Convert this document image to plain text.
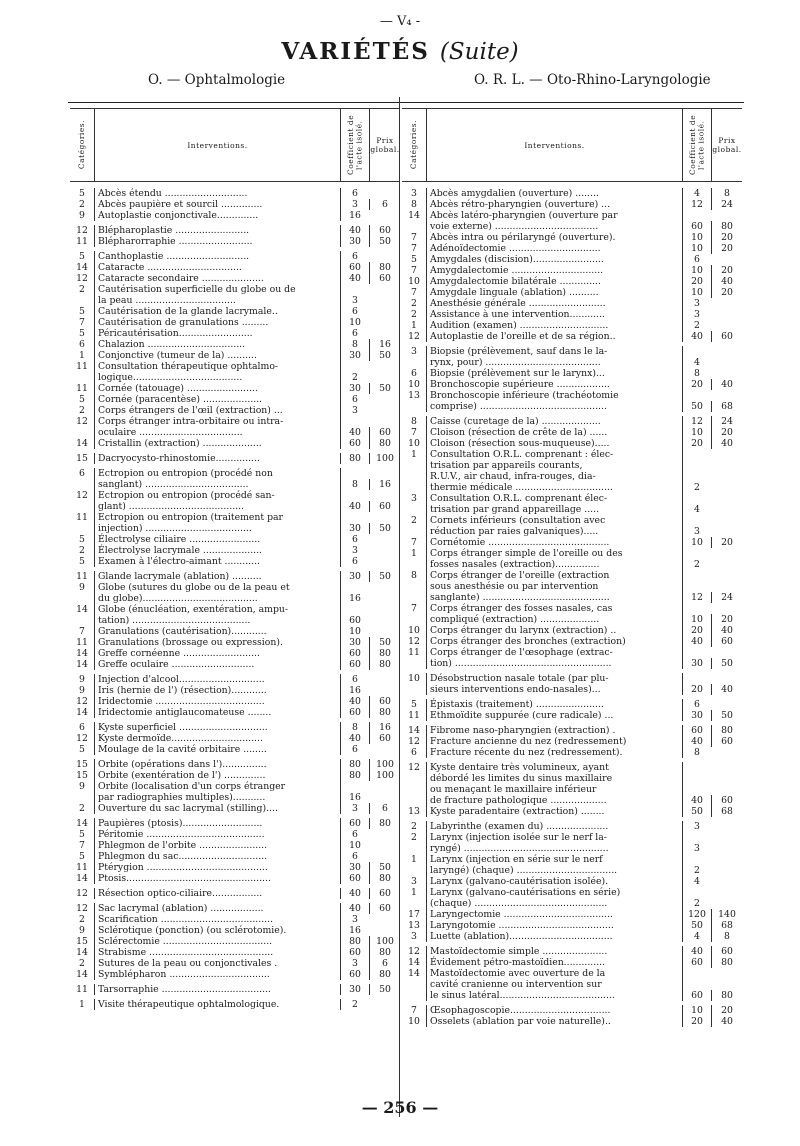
— V₄ -
VARIÉTÉS (Suite)
O. — Ophtalmologie	O. R. L. — Oto-Rhino-Laryngologie
Catégories.	Interventions.	Coefficient de l'acte isolé.	Prix global.
5	Abcès étendu ............................	6
2	Abcès paupière et sourcil ..............	3	6
9	Autoplastie conjonctivale..............	16
12	Blépharoplastie .........................	40	60
11	Blépharorraphie .........................	30	50
5	Canthoplastie ............................	6
14	Cataracte ................................	60	80
12	Cataracte secondaire .....................	40	60
2	Cautérisation superficielle du globe ou de
la peau ..................................	3
5	Cautérisation de la glande lacrymale..	6
7	Cautérisation de granulations .........	10
5	Péricautérisation.........................	6
6	Chalazion .................................	8	16
1	Conjonctive (tumeur de la) ..........	30	50
11	Consultation thérapeutique ophtalmo-
logique.....................................	2
11	Cornée (tatouage) ........................	30	50
5	Cornée (paracentèse) ....................	6
2	Corps étrangers de l'œil (extraction) ...	3
12	Corps étranger intra-orbitaire ou intra-
oculaire ...................................	40	60
14	Cristallin (extraction) ....................	60	80
15	Dacryocysto-rhinostomie...............	80	100
6	Ectropion ou entropion (procédé non
sanglant) ...................................	8	16
12	Ectropion ou entropion (procédé san-
glant) .......................................	40	60
11	Ectropion ou entropion (traitement par
injection) ....................................	30	50
5	Électrolyse ciliaire ........................	6
2	Électrolyse lacrymale ....................	3
5	Examen à l'électro-aimant ............	6
11	Glande lacrymale (ablation) ..........	30	50
9	Globe (sutures du globe ou de la peau et
du globe).......................................	16
14	Globe (énucléation, exentération, ampu-
tation) ........................................	60
7	Granulations (cautérisation)............	10
11	Granulations (brossage ou expression).	30	50
14	Greffe cornéenne ..........................	60	80
14	Greffe oculaire ............................	60	80
9	Injection d'alcool.............................	6
9	Iris (hernie de l') (résection)............	16
12	Iridectomie .....................................	40	60
14	Iridectomie antiglaucomateuse ........	60	80
6	Kyste superficiel ..............................	8	16
12	Kyste dermoïde...............................	40	60
5	Moulage de la cavité orbitaire ........	6
15	Orbite (opérations dans l')...............	80	100
15	Orbite (exentération de l') ..............	80	100
9	Orbite (localisation d'un corps étranger
par radiographies multiples)...........	16
2	Ouverture du sac lacrymal (stilling)....	3	6
14	Paupières (ptosis)...........................	60	80
5	Péritomie ........................................	6
7	Phlegmon de l'orbite .......................	10
5	Phlegmon du sac..............................	6
11	Ptérygion .........................................	30	50
14	Ptosis.................................................	60	80
12	Résection optico-ciliaire.................	40	60
12	Sac lacrymal (ablation) ..................	40	60
2	Scarification ......................................	3
9	Sclérotique (ponction) (ou sclérotomie).	16
15	Sclérectomie .....................................	80	100
14	Strabisme ..........................................	60	80
2	Sutures de la peau ou conjonctivales .	3	6
14	Symblépharon ..................................	60	80
11	Tarsorraphie .....................................	30	50
1	Visite thérapeutique ophtalmologique.	2
Catégories.	Interventions.	Coefficient de l'acte isolé.	Prix global.
3	Abcès amygdalien (ouverture) ........	4	8
8	Abcès rétro-pharyngien (ouverture) ...	12	24
14	Abcès latéro-pharyngien (ouverture par
voie externe) ...................................	60	80
7	Abcès intra ou périlaryngé (ouverture).	10	20
7	Adénoïdectomie ...............................	10	20
5	Amygdales (discision)........................	6
7	Amygdalectomie ...............................	10	20
10	Amygdalectomie bilatérale ..............	20	40
7	Amygdale linguale (ablation) ..........	10	20
2	Anesthésie générale ..........................	3
2	Assistance à une intervention............	3
1	Audition (examen) ..............................	2
12	Autoplastie de l'oreille et de sa région..	40	60
3	Biopsie (prélèvement, sauf dans le la-
rynx, pour) .......................................	4
6	Biopsie (prélèvement sur le larynx)...	8
10	Bronchoscopie supérieure ..................	20	40
13	Bronchoscopie inférieure (trachéotomie
comprise) ...........................................	50	68
8	Caisse (curetage de la) ....................	12	24
7	Cloison (résection de crête de la) ......	10	20
10	Cloison (résection sous-muqueuse).....	20	40
1	Consultation O.R.L. comprenant : élec-
trisation par appareils courants,
R.U.V., air chaud, infra-rouges, dia-
thermie médicale .................................	2
3	Consultation O.R.L. comprenant élec-
trisation par grand appareillage .....	4
2	Cornets inférieurs (consultation avec
réduction par raies galvaniques).....	3
7	Cornétomie .........................................	10	20
1	Corps étranger simple de l'oreille ou des
fosses nasales (extraction)...............	2
8	Corps étranger de l'oreille (extraction
sous anesthésie ou par intervention
sanglante) ...........................................	12	24
7	Corps étranger des fosses nasales, cas
compliqué (extraction) ....................	10	20
10	Corps étranger du larynx (extraction) ..	20	40
12	Corps étranger des bronches (extraction)	40	60
11	Corps étranger de l'œsophage (extrac-
tion) .....................................................	30	50
10	Désobstruction nasale totale (par plu-
sieurs interventions endo-nasales)...	20	40
5	Épistaxis (traitement) .......................	6
11	Ethmoïdite suppurée (cure radicale) ...	30	50
14	Fibrome naso-pharyngien (extraction) .	60	80
12	Fracture ancienne du nez (redressement)	40	60
6	Fracture récente du nez (redressement).	8
12	Kyste dentaire très volumineux, ayant
débordé les limites du sinus maxillaire
ou menaçant le maxillaire inférieur
de fracture pathologique ...................	40	60
13	Kyste paradentaire (extraction) ........	50	68
2	Labyrinthe (examen du) .....................	3
2	Larynx (injection isolée sur le nerf la-
ryngé) .................................................	3
1	Larynx (injection en série sur le nerf
laryngé) (chaque) ..................................	2
3	Larynx (galvano-cautérisation isolée).	4
1	Larynx (galvano-cautérisations en série)
(chaque) .............................................	2
17	Laryngectomie .....................................	120	140
13	Laryngotomie .......................................	50	68
3	Luette (ablation)...................................	4	8
12	Mastoïdectomie simple ......................	40	60
14	Évidement pétro-mastoïdien..............	60	80
14	Mastoïdectomie avec ouverture de la
cavité cranienne ou intervention sur
le sinus latéral.......................................	60	80
7	Œsophagoscopie..................................	10	20
10	Osselets (ablation par voie naturelle)..	20	40
— 256 —
